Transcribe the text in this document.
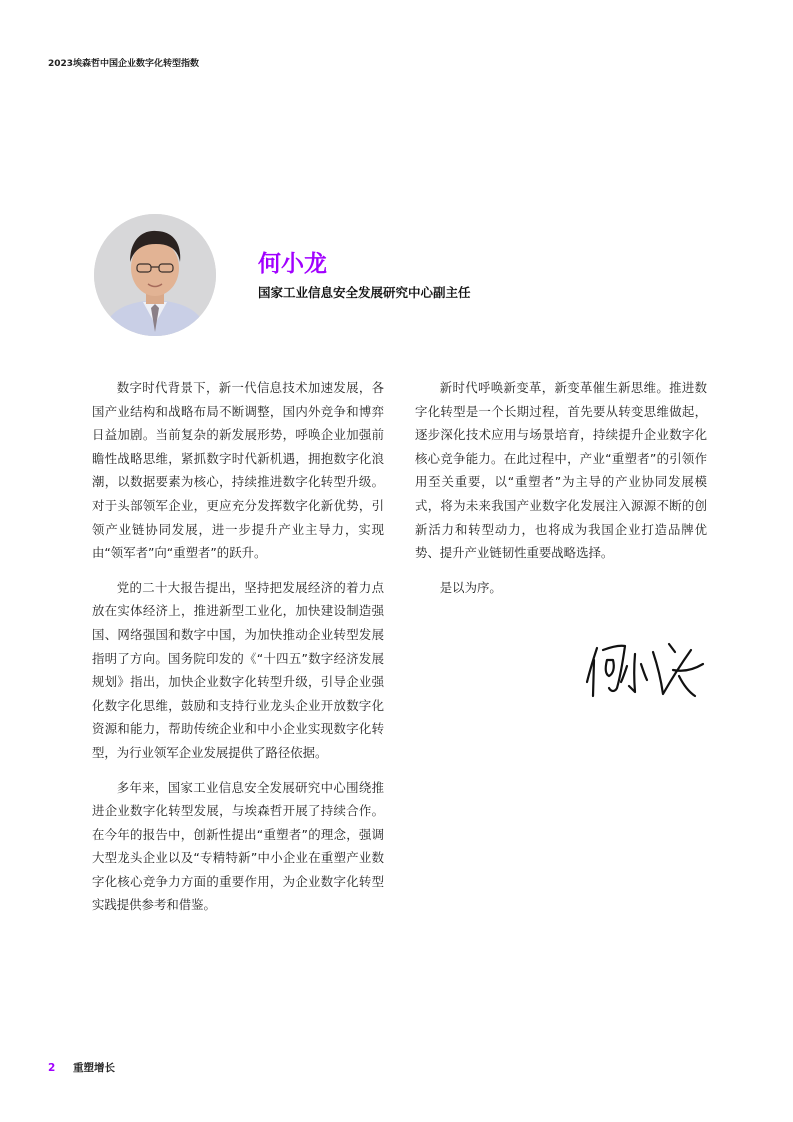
2023埃森哲中国企业数字化转型指数
何小龙
国家工业信息安全发展研究中心副主任

数字时代背景下，新一代信息技术加速发展，各国产业结构和战略布局不断调整，国内外竞争和博弈日益加剧。当前复杂的新发展形势，呼唤企业加强前瞻性战略思维，紧抓数字时代新机遇，拥抱数字化浪潮，以数据要素为核心，持续推进数字化转型升级。对于头部领军企业，更应充分发挥数字化新优势，引领产业链协同发展，进一步提升产业主导力，实现由“领军者”向“重塑者”的跃升。

党的二十大报告提出，坚持把发展经济的着力点放在实体经济上，推进新型工业化，加快建设制造强国、网络强国和数字中国，为加快推动企业转型发展指明了方向。国务院印发的《“十四五”数字经济发展规划》指出，加快企业数字化转型升级，引导企业强化数字化思维，鼓励和支持行业龙头企业开放数字化资源和能力，帮助传统企业和中小企业实现数字化转型，为行业领军企业发展提供了路径依据。

多年来，国家工业信息安全发展研究中心围绕推进企业数字化转型发展，与埃森哲开展了持续合作。在今年的报告中，创新性提出“重塑者”的理念，强调大型龙头企业以及“专精特新”中小企业在重塑产业数字化核心竞争力方面的重要作用，为企业数字化转型实践提供参考和借鉴。

新时代呼唤新变革，新变革催生新思维。推进数字化转型是一个长期过程，首先要从转变思维做起，逐步深化技术应用与场景培育，持续提升企业数字化核心竞争能力。在此过程中，产业“重塑者”的引领作用至关重要，以“重塑者”为主导的产业协同发展模式，将为未来我国产业数字化发展注入源源不断的创新活力和转型动力，也将成为我国企业打造品牌优势、提升产业链韧性重要战略选择。

是以为序。

2 重塑增长
